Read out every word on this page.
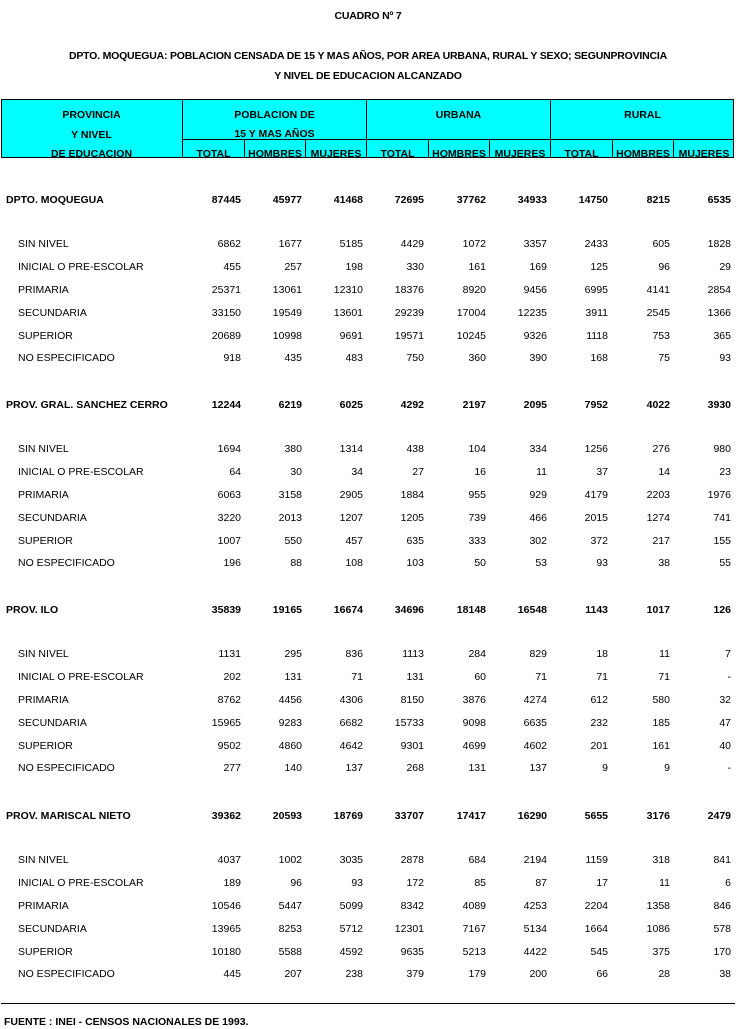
CUADRO Nº 7
DPTO. MOQUEGUA: POBLACION CENSADA DE 15 Y MAS AÑOS, POR AREA URBANA, RURAL Y SEXO; SEGUNPROVINCIA
Y NIVEL DE EDUCACION ALCANZADO
PROVINCIA
Y NIVEL
DE EDUCACION
POBLACION DE
15 Y MAS AÑOS
URBANA	RURAL
TOTAL	HOMBRES MUJERES	TOTAL	HOMBRES MUJERES	TOTAL	HOMBRES MUJERES
DPTO. MOQUEGUA	87445	45977	41468	72695	37762	34933	14750	8215	6535
SIN NIVEL	6862	1677	5185	4429	1072	3357	2433	605	1828
INICIAL O PRE-ESCOLAR	455	257	198	330	161	169	125	96	29
PRIMARIA	25371	13061	12310	18376	8920	9456	6995	4141	2854
SECUNDARIA	33150	19549	13601	29239	17004	12235	3911	2545	1366
SUPERIOR	20689	10998	9691	19571	10245	9326	1118	753	365
NO ESPECIFICADO	918	435	483	750	360	390	168	75	93
PROV. GRAL. SANCHEZ CERRO	12244	6219	6025	4292	2197	2095	7952	4022	3930
SIN NIVEL	1694	380	1314	438	104	334	1256	276	980
INICIAL O PRE-ESCOLAR	64	30	34	27	16	11	37	14	23
PRIMARIA	6063	3158	2905	1884	955	929	4179	2203	1976
SECUNDARIA	3220	2013	1207	1205	739	466	2015	1274	741
SUPERIOR	1007	550	457	635	333	302	372	217	155
NO ESPECIFICADO	196	88	108	103	50	53	93	38	55
PROV. ILO	35839	19165	16674	34696	18148	16548	1143	1017	126
SIN NIVEL	1131	295	836	1113	284	829	18	11	7
INICIAL O PRE-ESCOLAR	202	131	71	131	60	71	71	71	-
PRIMARIA	8762	4456	4306	8150	3876	4274	612	580	32
SECUNDARIA	15965	9283	6682	15733	9098	6635	232	185	47
SUPERIOR	9502	4860	4642	9301	4699	4602	201	161	40
NO ESPECIFICADO	277	140	137	268	131	137	9	9	-
PROV. MARISCAL NIETO	39362	20593	18769	33707	17417	16290	5655	3176	2479
SIN NIVEL	4037	1002	3035	2878	684	2194	1159	318	841
INICIAL O PRE-ESCOLAR	189	96	93	172	85	87	17	11	6
PRIMARIA	10546	5447	5099	8342	4089	4253	2204	1358	846
SECUNDARIA	13965	8253	5712	12301	7167	5134	1664	1086	578
SUPERIOR	10180	5588	4592	9635	5213	4422	545	375	170
NO ESPECIFICADO	445	207	238	379	179	200	66	28	38
FUENTE : INEI - CENSOS NACIONALES DE 1993.
